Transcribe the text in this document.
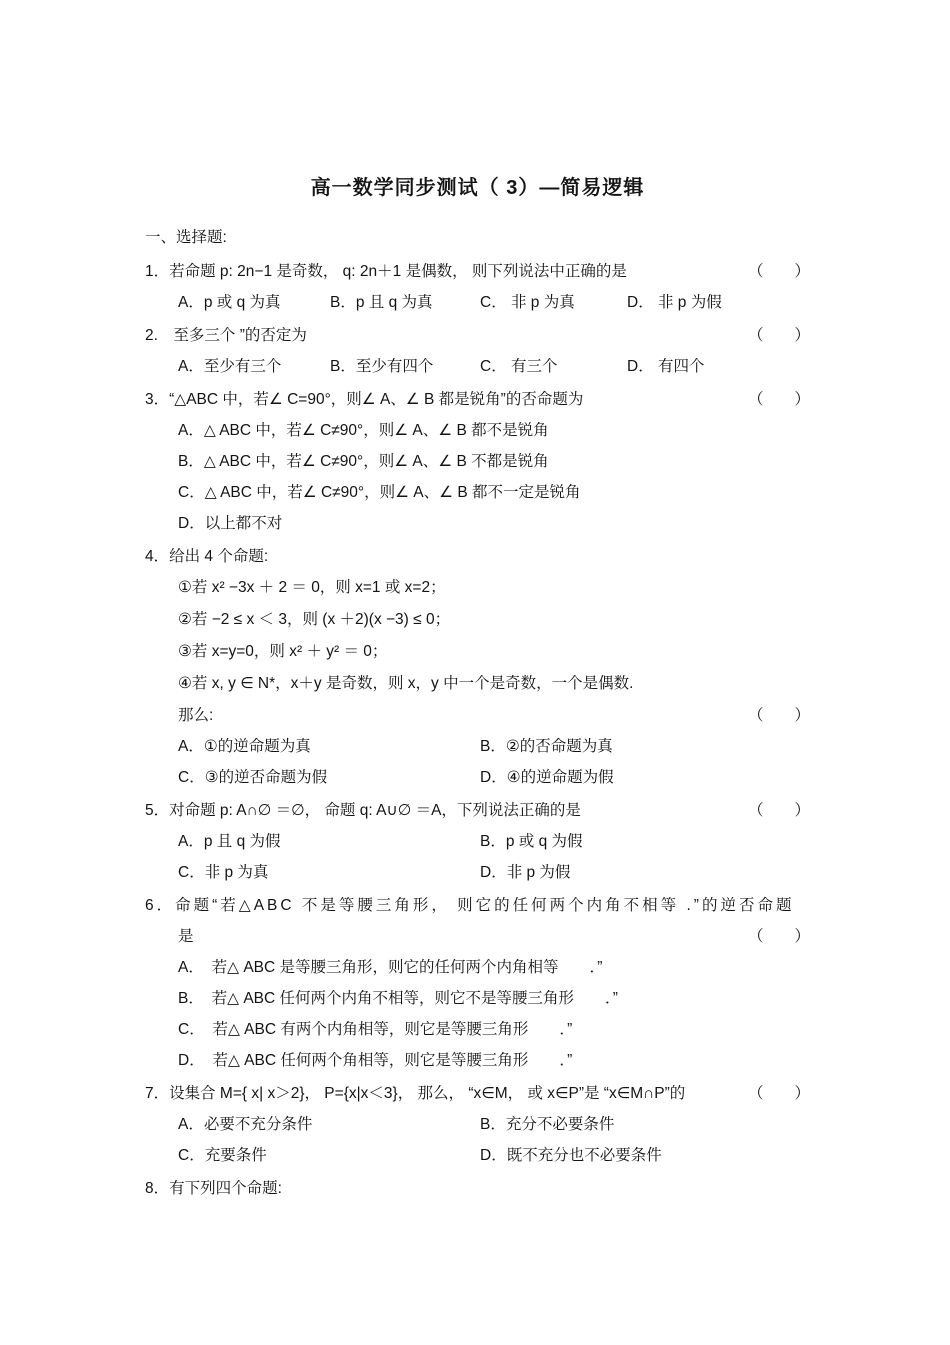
高一数学同步测试（ 3）—简易逻辑
一、选择题:
1．若命题 p: 2n−1 是奇数， q: 2n＋1 是偶数， 则下列说法中正确的是	（　　）
A．p 或 q 为真	B．p 且 q 为真	C． 非 p 为真	D． 非 p 为假
2.　至多三个 ”的否定为	（　　）
A．至少有三个	B．至少有四个	C． 有三个	D． 有四个
3．“△ABC 中，若∠ C=90°，则∠ A、∠ B 都是锐角”的否命题为	（　　）
A．△ ABC 中，若∠ C≠90°，则∠ A、∠ B 都不是锐角
B．△ ABC 中，若∠ C≠90°，则∠ A、∠ B 不都是锐角
C．△ ABC 中，若∠ C≠90°，则∠ A、∠ B 都不一定是锐角
D．以上都不对
4．给出 4 个命题:
①若 x² −3x ＋ 2 ＝ 0，则 x=1 或 x=2；
②若 −2 ≤ x ＜ 3，则 (x ＋2)(x −3) ≤ 0；
③若 x=y=0，则 x² ＋ y² ＝ 0；
④若 x, y ∈ N*，x＋y 是奇数，则 x，y 中一个是奇数，一个是偶数.
那么:	（　　）
A．①的逆命题为真	B．②的否命题为真
C．③的逆否命题为假	D．④的逆命题为假
5．对命题 p: A∩∅ ＝∅， 命题 q: A∪∅ ＝A，下列说法正确的是	（　　）
A．p 且 q 为假	B．p 或 q 为假
C．非 p 为真	D．非 p 为假
6．命题“若△ABC 不是等腰三角形， 则它的任何两个内角不相等 .”的逆否命题
是	（　　）
A．　若△ ABC 是等腰三角形，则它的任何两个内角相等　　．”
B．　若△ ABC 任何两个内角不相等，则它不是等腰三角形　　．”
C．　若△ ABC 有两个内角相等，则它是等腰三角形　　．”
D．　若△ ABC 任何两个角相等，则它是等腰三角形　　．”
7．设集合 M={ x| x＞2}， P={x|x＜3}， 那么， “x∈M， 或 x∈P”是 “x∈M∩P”的	（　　）
A．必要不充分条件	B．充分不必要条件
C．充要条件	D．既不充分也不必要条件
8．有下列四个命题:
